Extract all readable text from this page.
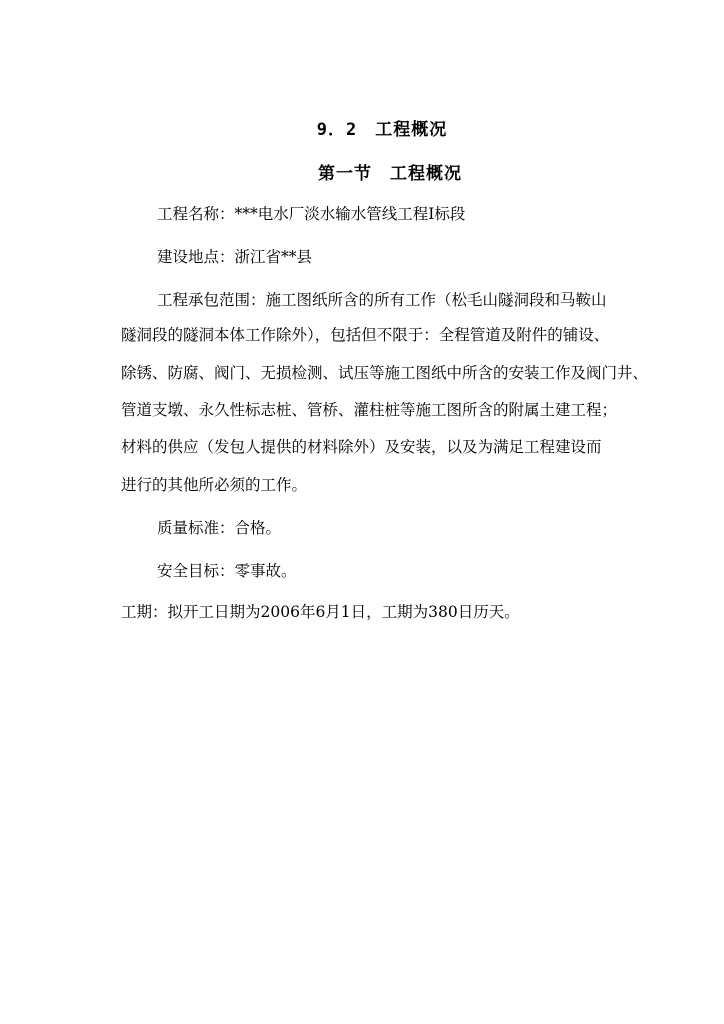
9．2 工程概况
第一节 工程概况
工程名称：***电水厂淡水输水管线工程Ⅰ标段
建设地点：浙江省**县
工程承包范围：施工图纸所含的所有工作（松毛山隧洞段和马鞍山
隧洞段的隧洞本体工作除外），包括但不限于：全程管道及附件的铺设、
除锈、防腐、阀门、无损检测、试压等施工图纸中所含的安装工作及阀门井、
管道支墩、永久性标志桩、管桥、灌柱桩等施工图所含的附属土建工程；
材料的供应（发包人提供的材料除外）及安装，以及为满足工程建设而
进行的其他所必须的工作。
质量标准：合格。
安全目标：零事故。
工期：拟开工日期为2006年6月1日，工期为380日历天。
